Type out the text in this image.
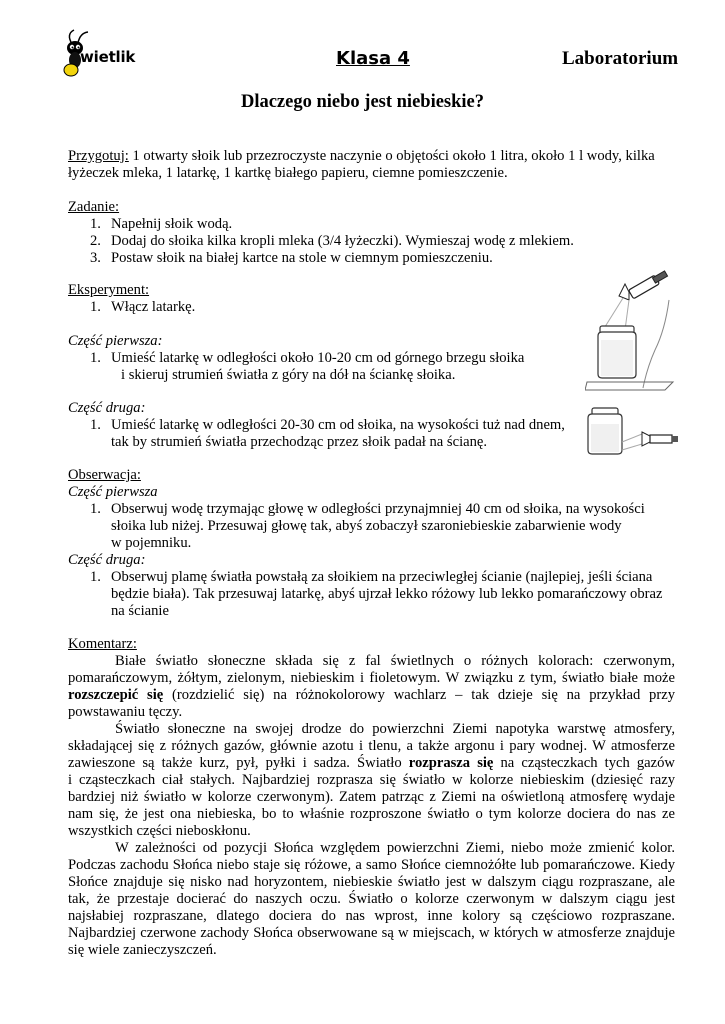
wietlik	Klasa 4	Laboratorium
Dlaczego niebo jest niebieskie?
Przygotuj: 1 otwarty słoik lub przezroczyste naczynie o objętości około 1 litra, około 1 l wody, kilka
łyżeczek mleka, 1 latarkę, 1 kartkę białego papieru, ciemne pomieszczenie.
Zadanie:
1. Napełnij słoik wodą.
2. Dodaj do słoika kilka kropli mleka (3/4 łyżeczki). Wymieszaj wodę z mlekiem.
3. Postaw słoik na białej kartce na stole w ciemnym pomieszczeniu.
Eksperyment:
1. Włącz latarkę.
Część pierwsza:
1. Umieść latarkę w odległości około 10-20 cm od górnego brzegu słoika
i skieruj strumień światła z góry na dół na ściankę słoika.
Część druga:
1. Umieść latarkę w odległości 20-30 cm od słoika, na wysokości tuż nad dnem,
tak by strumień światła przechodząc przez słoik padał na ścianę.
Obserwacja:
Część pierwsza
1. Obserwuj wodę trzymając głowę w odległości przynajmniej 40 cm od słoika, na wysokości
słoika lub niżej. Przesuwaj głowę tak, abyś zobaczył szaroniebieskie zabarwienie wody
w pojemniku.
Część druga:
1. Obserwuj plamę światła powstałą za słoikiem na przeciwległej ścianie (najlepiej, jeśli ściana
będzie biała). Tak przesuwaj latarkę, abyś ujrzał lekko różowy lub lekko pomarańczowy obraz
na ścianie
Komentarz:
Białe światło słoneczne składa się z fal świetlnych o różnych kolorach: czerwonym,
pomarańczowym, żółtym, zielonym, niebieskim i fioletowym. W związku z tym, światło białe może
rozszczepić się (rozdzielić się) na różnokolorowy wachlarz – tak dzieje się na przykład przy
powstawaniu tęczy.
Światło słoneczne na swojej drodze do powierzchni Ziemi napotyka warstwę atmosfery,
składającej się z różnych gazów, głównie azotu i tlenu, a także argonu i pary wodnej. W atmosferze
zawieszone są także kurz, pył, pyłki i sadza. Światło rozprasza się na cząsteczkach tych gazów
i cząsteczkach ciał stałych. Najbardziej rozprasza się światło w kolorze niebieskim (dziesięć razy
bardziej niż światło w kolorze czerwonym). Zatem patrząc z Ziemi na oświetloną atmosferę wydaje
nam się, że jest ona niebieska, bo to właśnie rozproszone światło o tym kolorze dociera do nas ze
wszystkich części nieboskłonu.
W zależności od pozycji Słońca względem powierzchni Ziemi, niebo może zmienić kolor.
Podczas zachodu Słońca niebo staje się różowe, a samo Słońce ciemnożółte lub pomarańczowe. Kiedy
Słońce znajduje się nisko nad horyzontem, niebieskie światło jest w dalszym ciągu rozpraszane, ale
tak, że przestaje docierać do naszych oczu. Światło o kolorze czerwonym w dalszym ciągu jest
najsłabiej rozpraszane, dlatego dociera do nas wprost, inne kolory są częściowo rozpraszane.
Najbardziej czerwone zachody Słońca obserwowane są w miejscach, w których w atmosferze znajduje
się wiele zanieczyszczeń.
